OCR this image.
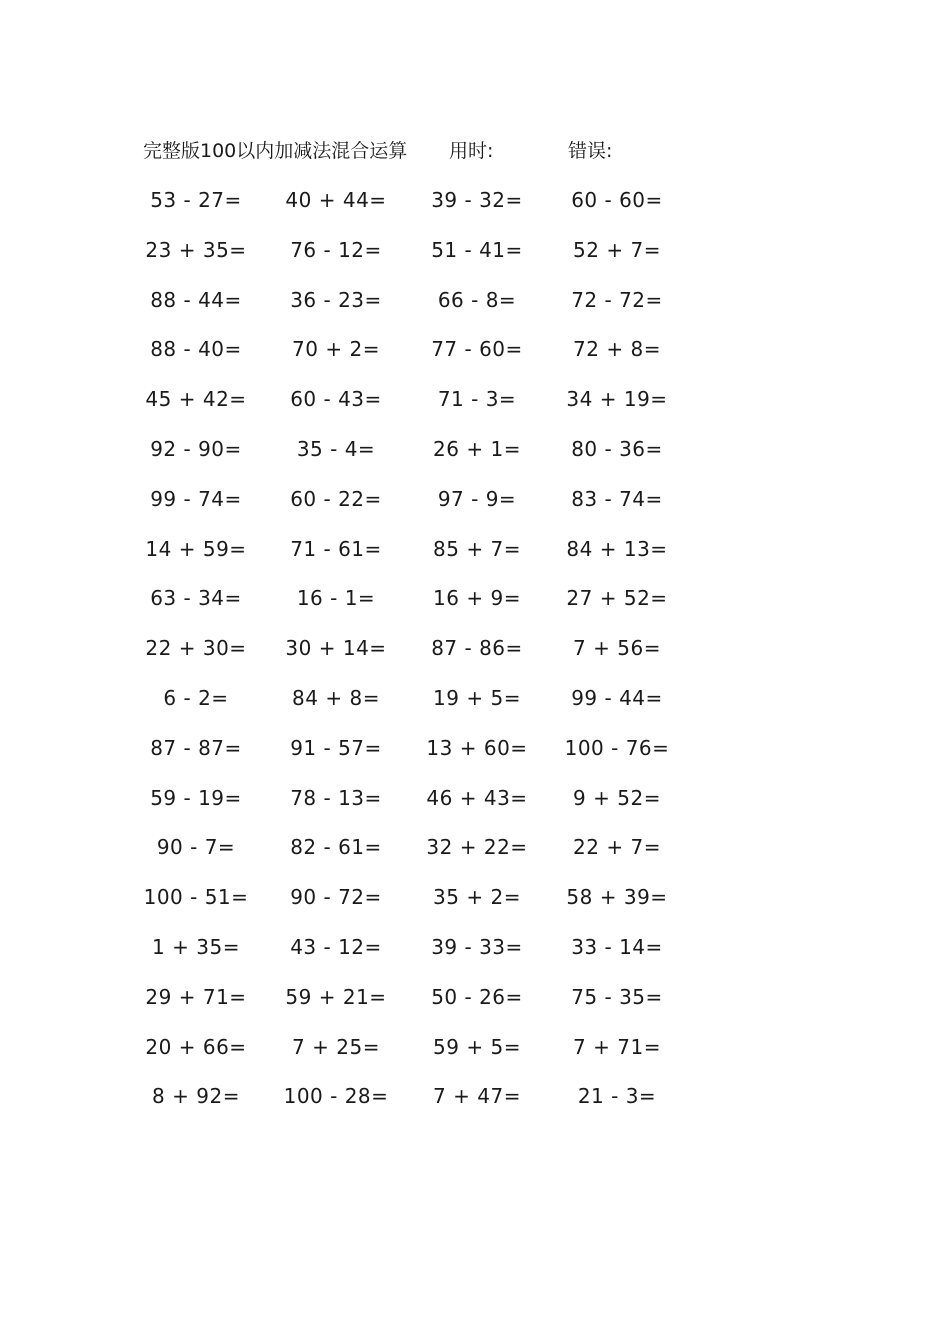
完整版100以内加减法混合运算 用时:	错误:
53 - 27=	40 + 44=	39 - 32=	60 - 60=
23 + 35=	76 - 12=	51 - 41=	52 + 7=
88 - 44=	36 - 23=	66 - 8=	72 - 72=
88 - 40=	70 + 2=	77 - 60=	72 + 8=
45 + 42=	60 - 43=	71 - 3=	34 + 19=
92 - 90=	35 - 4=	26 + 1=	80 - 36=
99 - 74=	60 - 22=	97 - 9=	83 - 74=
14 + 59=	71 - 61=	85 + 7=	84 + 13=
63 - 34=	16 - 1=	16 + 9=	27 + 52=
22 + 30=	30 + 14=	87 - 86=	7 + 56=
6 - 2=	84 + 8=	19 + 5=	99 - 44=
87 - 87=	91 - 57=	13 + 60=	100 - 76=
59 - 19=	78 - 13=	46 + 43=	9 + 52=
90 - 7=	82 - 61=	32 + 22=	22 + 7=
100 - 51=	90 - 72=	35 + 2=	58 + 39=
1 + 35=	43 - 12=	39 - 33=	33 - 14=
29 + 71=	59 + 21=	50 - 26=	75 - 35=
20 + 66=	7 + 25=	59 + 5=	7 + 71=
8 + 92=	100 - 28=	7 + 47=	21 - 3=
